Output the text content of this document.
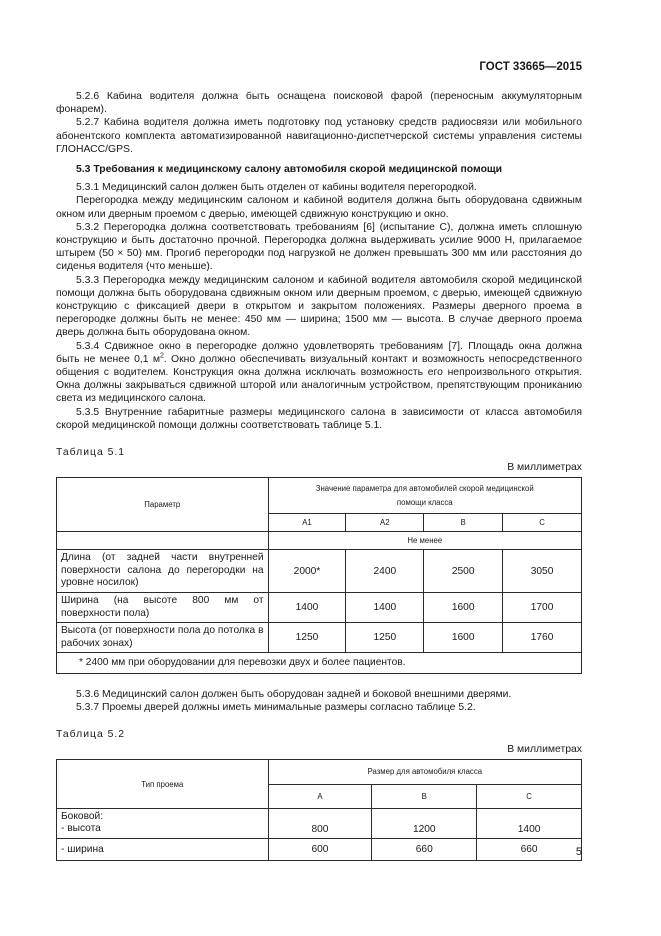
ГОСТ 33665—2015

5.2.6 Кабина водителя должна быть оснащена поисковой фарой (переносным аккумуляторным фонарем).

5.2.7 Кабина водителя должна иметь подготовку под установку средств радиосвязи или мобильного абонентского комплекта автоматизированной навигационно-диспетчерской системы управления системы ГЛОНАСС/GPS.

5.3 Требования к медицинскому салону автомобиля скорой медицинской помощи

5.3.1 Медицинский салон должен быть отделен от кабины водителя перегородкой.

Перегородка между медицинским салоном и кабиной водителя должна быть оборудована сдвижным окном или дверным проемом с дверью, имеющей сдвижную конструкцию и окно.

5.3.2 Перегородка должна соответствовать требованиям [6] (испытание С), должна иметь сплошную конструкцию и быть достаточно прочной. Перегородка должна выдерживать усилие 9000 Н, прилагаемое штырем (50 × 50) мм. Прогиб перегородки под нагрузкой не должен превышать 300 мм или расстояния до сиденья водителя (что меньше).

5.3.3 Перегородка между медицинским салоном и кабиной водителя автомобиля скорой медицинской помощи должна быть оборудована сдвижным окном или дверным проемом, с дверью, имеющей сдвижную конструкцию с фиксацией двери в открытом и закрытом положениях. Размеры дверного проема в перегородке должны быть не менее: 450 мм — ширина; 1500 мм — высота. В случае дверного проема дверь должна быть оборудована окном.

5.3.4 Сдвижное окно в перегородке должно удовлетворять требованиям [7]. Площадь окна должна быть не менее 0,1 $м^2$. Окно должно обеспечивать визуальный контакт и возможность непосредственного общения с водителем. Конструкция окна должна исключать возможность его непроизвольного открытия. Окна должны закрываться сдвижной шторой или аналогичным устройством, препятствующим прониканию света из медицинского салона.

5.3.5 Внутренние габаритные размеры медицинского салона в зависимости от класса автомобиля скорой медицинской помощи должны соответствовать таблице 5.1.

Таблица 5.1

В миллиметрах

Параметр	Значение параметра для автомобилей скорой медицинской помощи класса			
	A1	A2	B	C
	Не менее			
Длина (от задней части внутренней поверхности салона до перегородки на уровне носилок)	2000*	2400	2500	3050
Ширина (на высоте 800 мм от поверхности пола)	1400	1400	1600	1700
Высота (от поверхности пола до потолка в рабочих зонах)	1250	1250	1600	1760
* 2400 мм при оборудовании для перевозки двух и более пациентов.				

5.3.6 Медицинский салон должен быть оборудован задней и боковой внешними дверями.

5.3.7 Проемы дверей должны иметь минимальные размеры согласно таблице 5.2.

Таблица 5.2

В миллиметрах

Тип проема	Размер для автомобиля класса		
	A	B	C

Боковой:
- высота	800	1200	1400
- ширина	600	660	660	5
